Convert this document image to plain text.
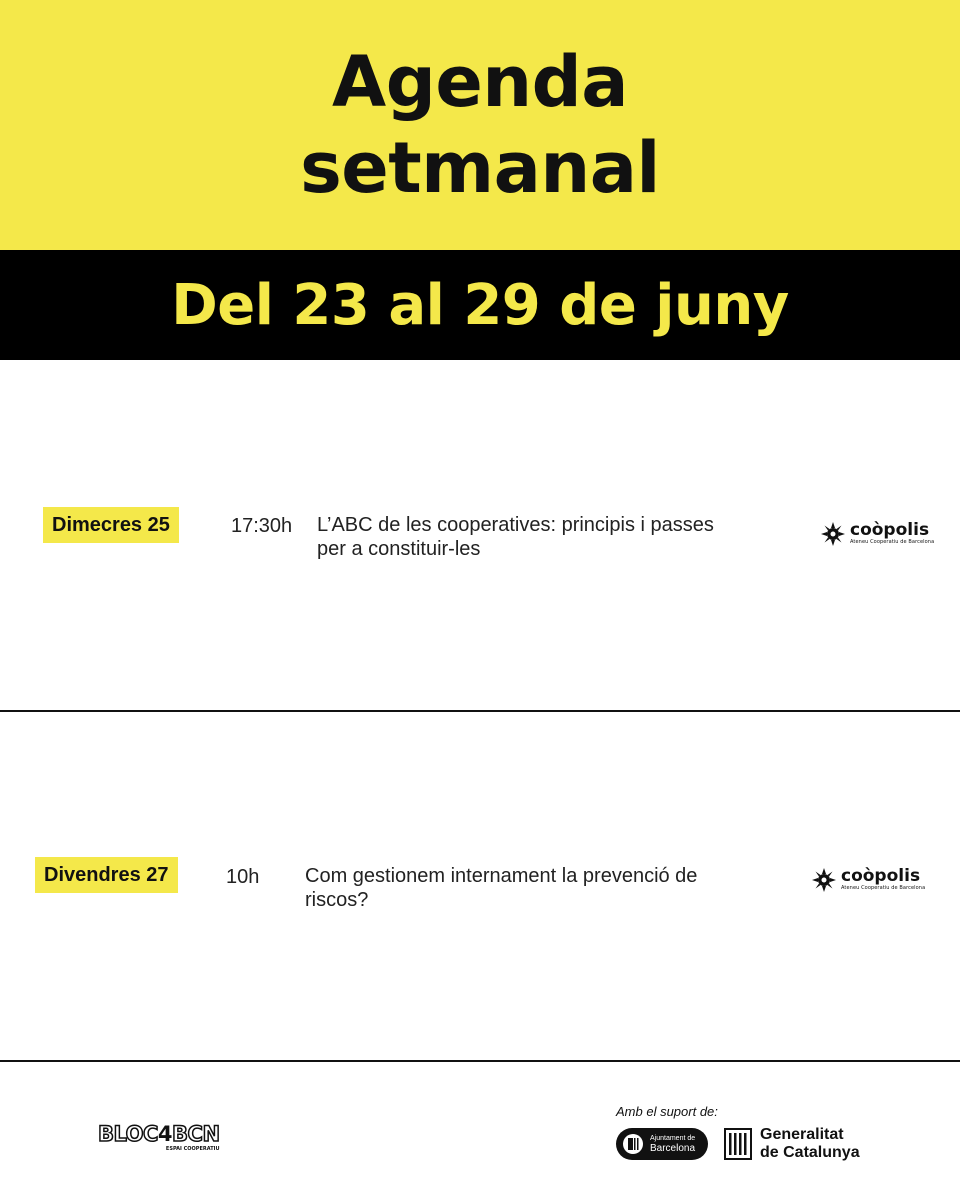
Agenda
setmanal
Del 23 al 29 de juny
Dimecres 25	17:30h L’ABC de les cooperatives: principis i passes
per a constituir-les
coòpolis
Ateneu Cooperatiu de Barcelona
Divendres 27	10h Com gestionem internament la prevenció de
riscos?
coòpolis
Ateneu Cooperatiu de Barcelona
BLOC4BCN
ESPAI COOPERATIU
Amb el suport de:
Ajuntament de
Barcelona
Generalitat
de Catalunya
